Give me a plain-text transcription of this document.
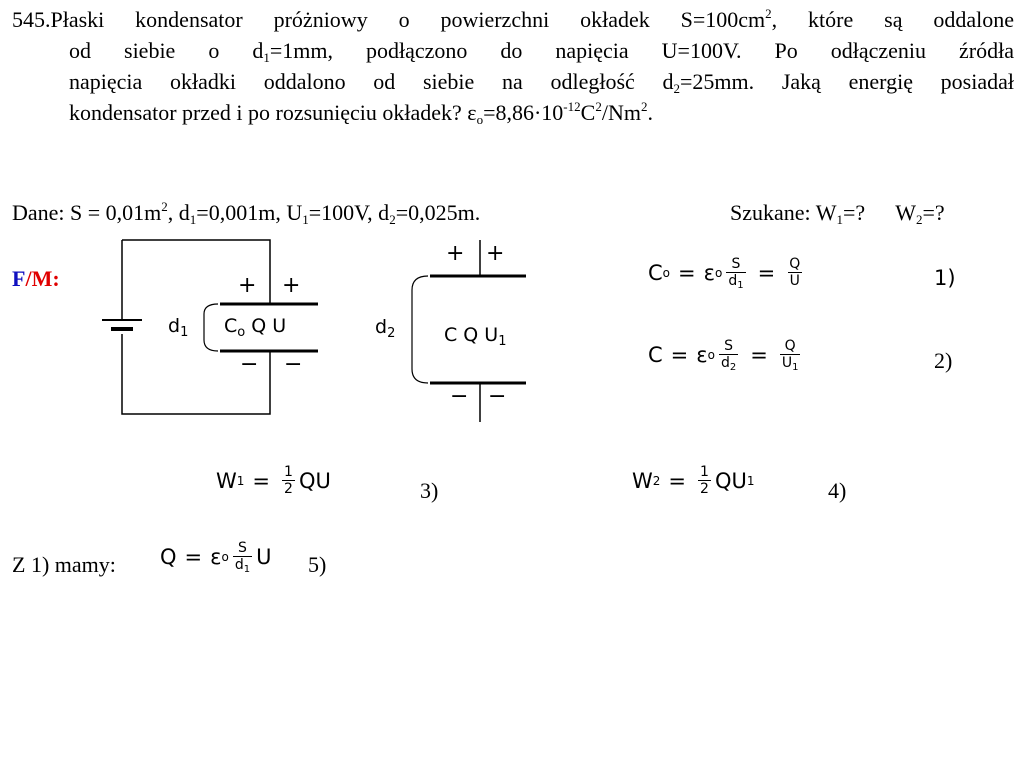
545.Płaski kondensator próżniowy o powierzchni okładek $S=100cm^2$, które są oddalone
od siebie o $d_1=1mm$, podłączono do napięcia U=100V. Po odłączeniu źródła
napięcia okładki oddalono od siebie na odległość $d_2=25mm$. Jaką energię posiadał
kondensator przed i po rozsunięciu okładek? $\varepsilon_o=8,86\cdot 10^{-12}C^2/Nm^2$.
Dane: $S = 0,01m^2$, $d_1=0,001m$, $U_1=100V$, $d_2=0,025m$.	Szukane: $W_1=$? $W_2=$?
F/M:	+ +
− −
$d_1$ $C_o$ Q U
+ +
− −
$d_2$	C Q $U_1$
C o = ε o $\frac{S}{d_1} = \frac{Q}{U}$	1)
C = ε o $\frac{S}{d_2} = \frac{Q}{U_1}$	2)
W $1 = \frac{1}{2}$ QU	3)	W $2 = \frac{1}{2}$ QU 1	4)
Z 1) mamy: Q = ε o $\frac{S}{d_1}$ U 5)
